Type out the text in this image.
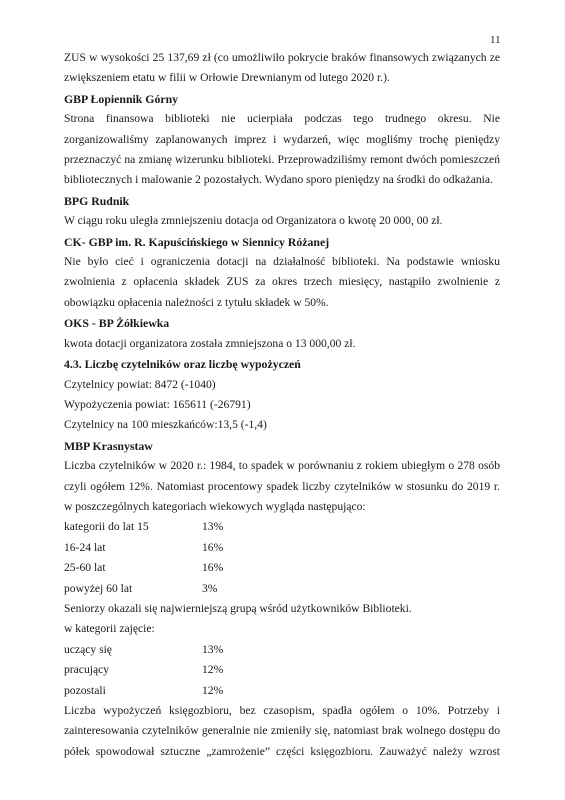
11

ZUS w wysokości 25 137,69 zł (co umożliwiło pokrycie braków finansowych związanych ze zwiększeniem etatu w filii w Orłowie Drewnianym od lutego 2020 r.).

GBP Łopiennik Górny

Strona finansowa biblioteki nie ucierpiała podczas tego trudnego okresu. Nie zorganizowaliśmy zaplanowanych imprez i wydarzeń, więc mogliśmy trochę pieniędzy przeznaczyć na zmianę wizerunku biblioteki. Przeprowadziliśmy remont dwóch pomieszczeń bibliotecznych i malowanie 2 pozostałych. Wydano sporo pieniędzy na środki do odkażania.

BPG Rudnik

W ciągu roku uległa zmniejszeniu dotacja od Organizatora o kwotę 20 000, 00 zł.

CK- GBP im. R. Kapuścińskiego w Siennicy Różanej

Nie było cieć i ograniczenia dotacji na działalność biblioteki. Na podstawie wniosku zwolnienia z opłacenia składek ZUS za okres trzech miesięcy, nastąpiło zwolnienie z obowiązku opłacenia należności z tytułu składek w 50%.

OKS - BP Żółkiewka

kwota dotacji organizatora została zmniejszona o 13 000,00 zł.

4.3. Liczbę czytelników oraz liczbę wypożyczeń

Czytelnicy powiat: 8472 (-1040)

Wypożyczenia powiat: 165611 (-26791)

Czytelnicy na 100 mieszkańców:13,5 (-1,4)

MBP Krasnystaw

Liczba czytelników w 2020 r.: 1984, to spadek w porównaniu z rokiem ubiegłym o 278 osób czyli ogółem 12%. Natomiast procentowy spadek liczby czytelników w stosunku do 2019 r. w poszczególnych kategoriach wiekowych wygląda następująco:

kategorii do lat 15	13%
16-24 lat	16%
25-60 lat	16%
powyżej 60 lat	3%

Seniorzy okazali się najwierniejszą grupą wśród użytkowników Biblioteki.

w kategorii zajęcie:

uczący się	13%
pracujący	12%
pozostali	12%

Liczba wypożyczeń księgozbioru, bez czasopism, spadła ogółem o 10%. Potrzeby i zainteresowania czytelników generalnie nie zmieniły się, natomiast brak wolnego dostępu do półek spowodował sztuczne „zamrożenie” części księgozbioru. Zauważyć należy wzrost
